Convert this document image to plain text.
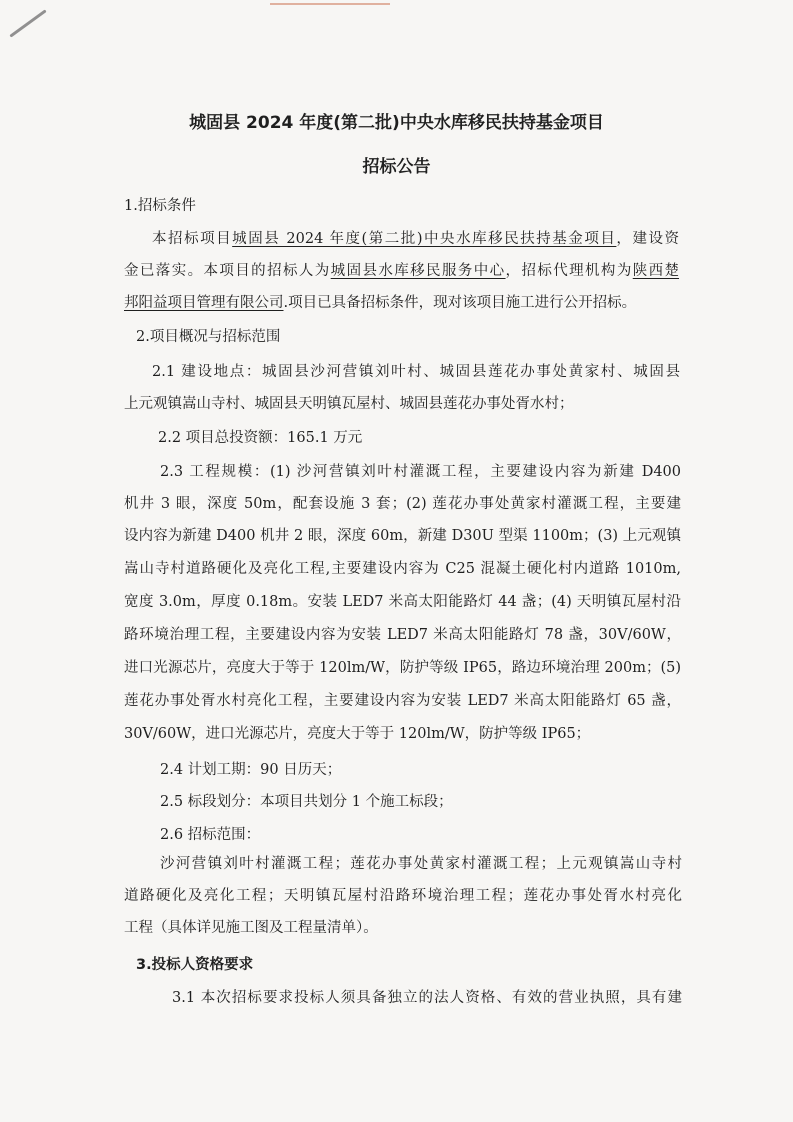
城固县 2024 年度(第二批)中央水库移民扶持基金项目
招标公告
1.招标条件
本招标项目城固县 2024 年度(第二批)中央水库移民扶持基金项目，建设资
金已落实。本项目的招标人为城固县水库移民服务中心，招标代理机构为陕西楚
邦阳益项目管理有限公司.项目已具备招标条件，现对该项目施工进行公开招标。
2.项目概况与招标范围
2.1 建设地点：城固县沙河营镇刘叶村、城固县莲花办事处黄家村、城固县
上元观镇嵩山寺村、城固县天明镇瓦屋村、城固县莲花办事处胥水村；
2.2 项目总投资额：165.1 万元
2.3 工程规模：(1) 沙河营镇刘叶村灌溉工程，主要建设内容为新建 D400
机井 3 眼，深度 50m，配套设施 3 套；(2) 莲花办事处黄家村灌溉工程，主要建
设内容为新建 D400 机井 2 眼，深度 60m，新建 D30U 型渠 1100m；(3) 上元观镇
嵩山寺村道路硬化及亮化工程,主要建设内容为 C25 混凝土硬化村内道路 1010m,
宽度 3.0m，厚度 0.18m。安装 LED7 米高太阳能路灯 44 盏；(4) 天明镇瓦屋村沿
路环境治理工程，主要建设内容为安装 LED7 米高太阳能路灯 78 盏，30V/60W，
进口光源芯片，亮度大于等于 120lm/W，防护等级 IP65，路边环境治理 200m；(5)
莲花办事处胥水村亮化工程，主要建设内容为安装 LED7 米高太阳能路灯 65 盏，
30V/60W，进口光源芯片，亮度大于等于 120lm/W，防护等级 IP65；
2.4 计划工期：90 日历天；
2.5 标段划分：本项目共划分 1 个施工标段；
2.6 招标范围：
沙河营镇刘叶村灌溉工程；莲花办事处黄家村灌溉工程；上元观镇嵩山寺村
道路硬化及亮化工程；天明镇瓦屋村沿路环境治理工程；莲花办事处胥水村亮化
工程（具体详见施工图及工程量清单）。
3.投标人资格要求
3.1 本次招标要求投标人须具备独立的法人资格、有效的营业执照，具有建
